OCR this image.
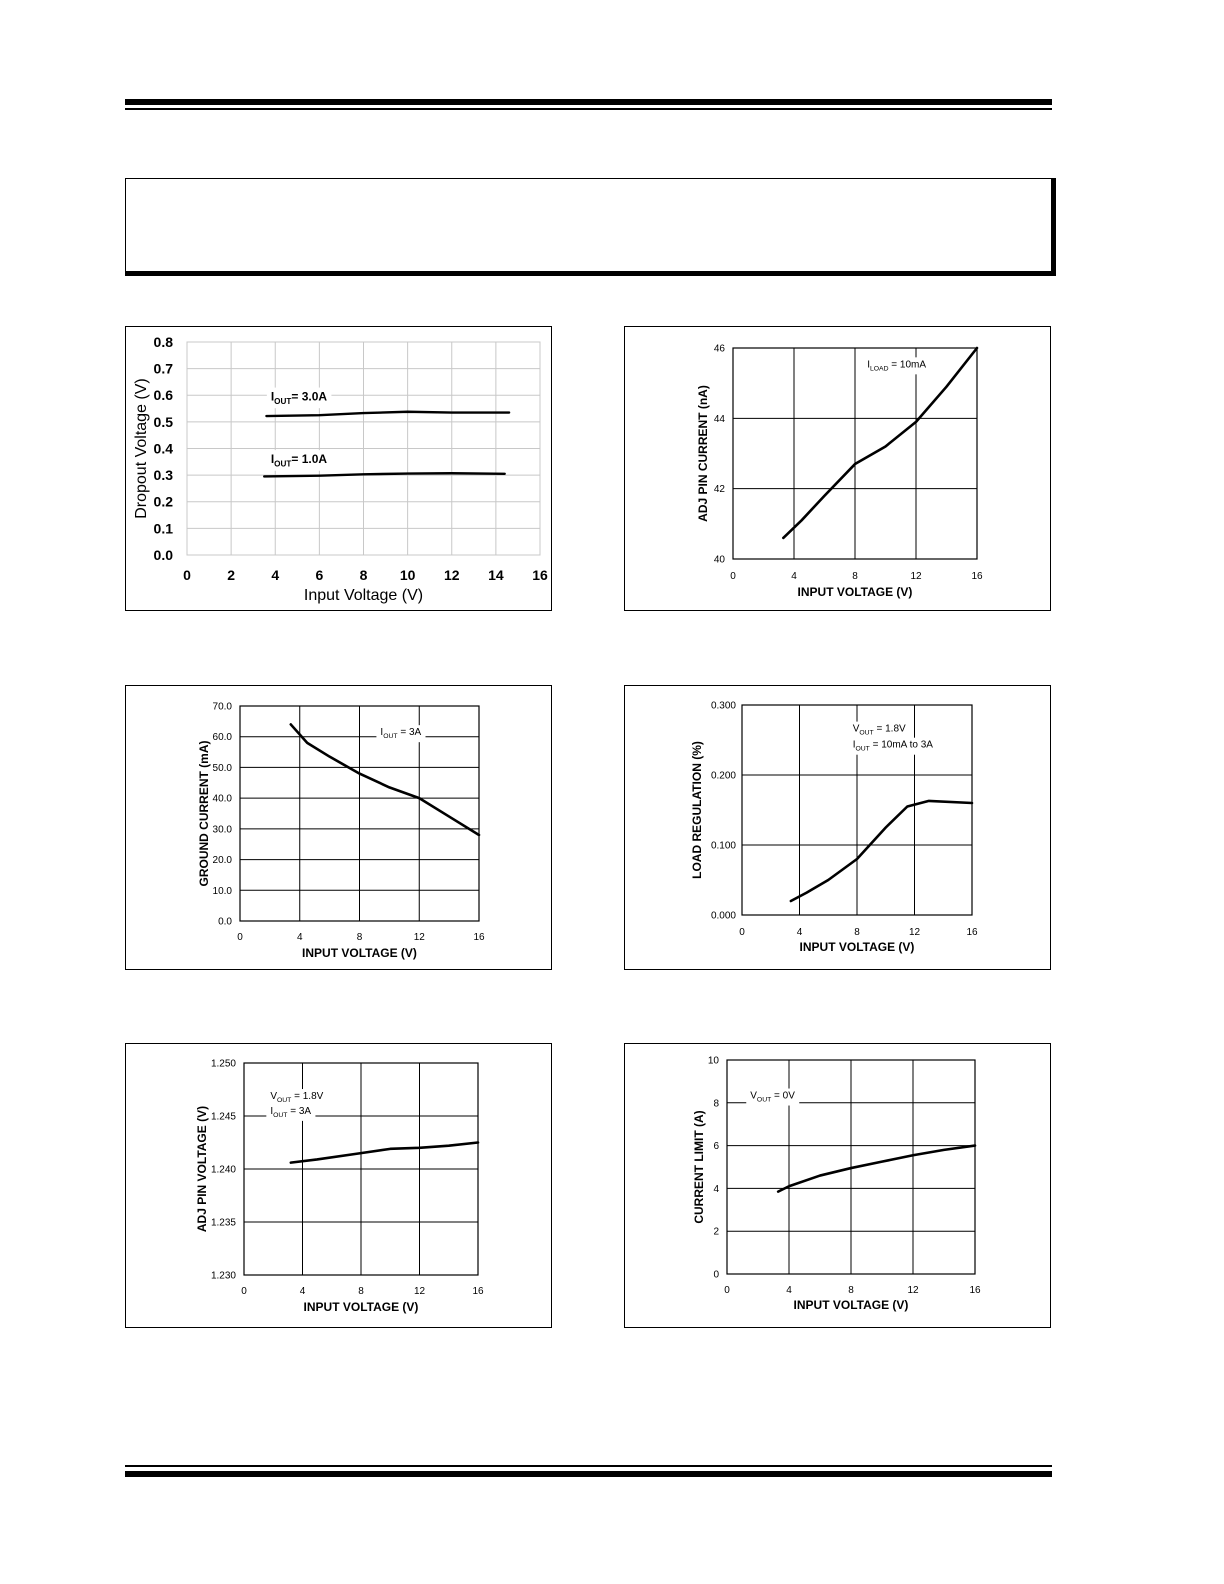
0	2	4	6	8 10 12 14 16
0.0
0.1
0.2
0.3
0.4
0.5
0.6
0.7
0.8
Input Voltage (V)
Dropout Voltage (V)	$I_{OUT}= 3.0A$
$I_{OUT}= 1.0A$
0	4	8	12	16
40
42
44
46
INPUT VOLTAGE (V)
ADJ PIN CURRENT (nA)
$I_{LOAD} = 10mA$
0	4	8	12	16
0.0
10.0
20.0
30.0
40.0
50.0
60.0
70.0
INPUT VOLTAGE (V)
GROUND CURRENT (mA)
$I_{OUT} = 3A$
0	4	8	12	16
0.000
0.100
0.200
0.300
INPUT VOLTAGE (V)
LOAD REGULATION (%)
$V_{OUT} = 1.8V$
$I_{OUT} = 10mA$ to 3A
0	4	8	12	16
1.230
1.235
1.240
1.245
1.250
INPUT VOLTAGE (V)
ADJ PIN VOLTAGE (V)
$V_{OUT} = 1.8V$
$I_{OUT} = 3A$
0	4	8	12	16
0
2
4
6
8
10
INPUT VOLTAGE (V)
CURRENT LIMIT (A)
$V_{OUT} = 0V$
